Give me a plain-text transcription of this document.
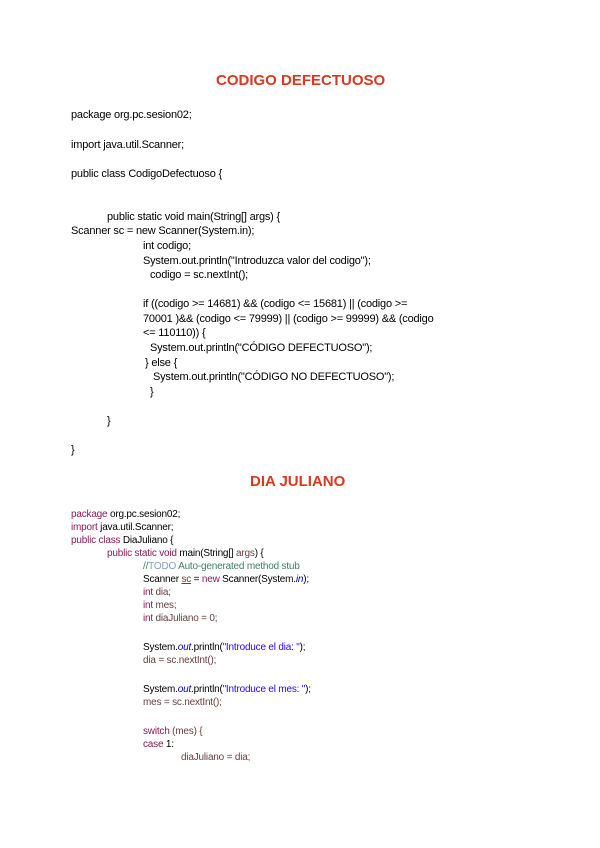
CODIGO DEFECTUOSO
package org.pc.sesion02;
import java.util.Scanner;
public class CodigoDefectuoso {
public static void main(String[] args) {
Scanner sc = new Scanner(System.in);
int codigo;
System.out.println("Introduzca valor del codigo");
codigo = sc.nextInt();
if ((codigo >= 14681) && (codigo <= 15681) || (codigo >=
70001 )&& (codigo <= 79999) || (codigo >= 99999) && (codigo
<= 110110)) {
System.out.println("CÓDIGO DEFECTUOSO");
} else {
System.out.println("CÓDIGO NO DEFECTUOSO");
}
}
}
DIA JULIANO
package org.pc.sesion02;
import java.util.Scanner;
public class DiaJuliano {
public static void main(String[] args) {
//TODO Auto-generated method stub
Scanner sc = new Scanner(System.in);
int dia;
int mes;
int diaJuliano = 0;
System.out.println("Introduce el dia: ");
dia = sc.nextInt();
System.out.println("Introduce el mes: ");
mes = sc.nextInt();
switch (mes) {
case 1:
diaJuliano = dia;
